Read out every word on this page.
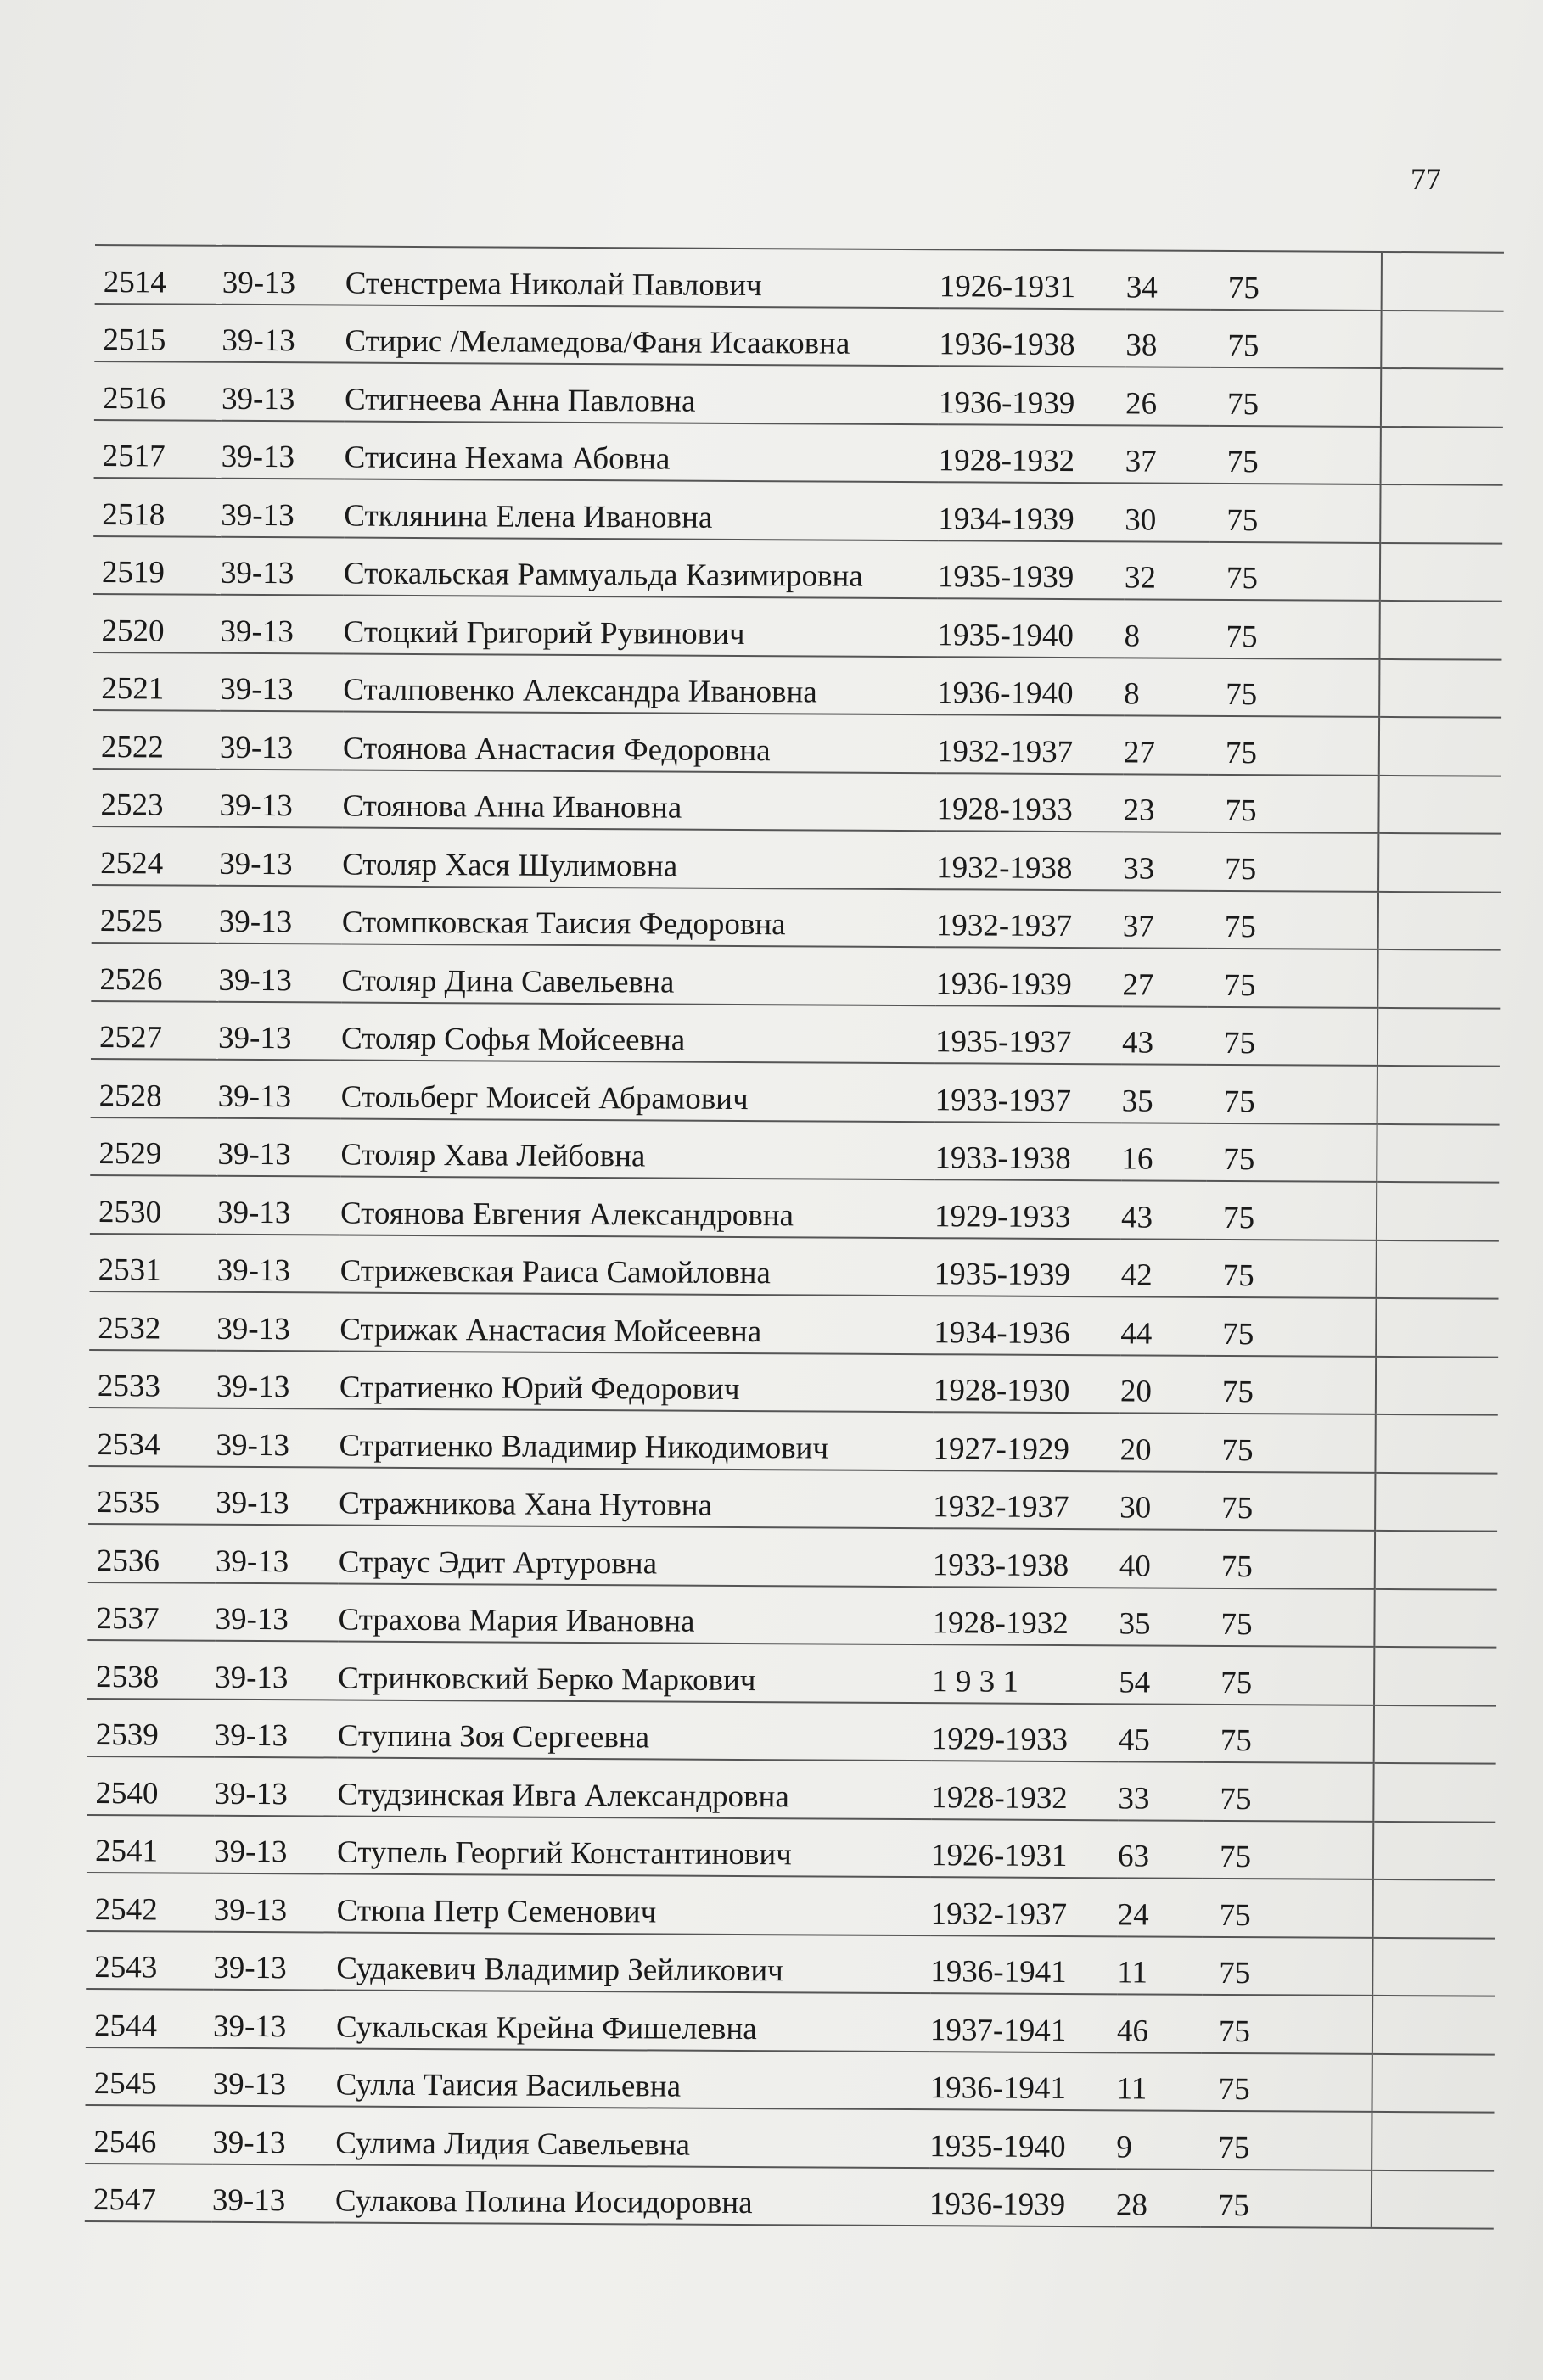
77
2514	39-13	Стенстрема Николай Павлович	1926-1931	34	75	
2515	39-13	Стирис /Меламедова/Фаня Исааковна	1936-1938	38	75	
2516	39-13	Стигнеева Анна Павловна	1936-1939	26	75	
2517	39-13	Стисина Нехама Абовна	1928-1932	37	75	
2518	39-13	Стклянина Елена Ивановна	1934-1939	30	75	
2519	39-13	Стокальская Раммуальда Казимировна	1935-1939	32	75	
2520	39-13	Стоцкий Григорий Рувинович	1935-1940	8	75	
2521	39-13	Сталповенко Александра Ивановна	1936-1940	8	75	
2522	39-13	Стоянова Анастасия Федоровна	1932-1937	27	75	
2523	39-13	Стоянова Анна Ивановна	1928-1933	23	75	
2524	39-13	Столяр Хася Шулимовна	1932-1938	33	75	
2525	39-13	Стомпковская Таисия Федоровна	1932-1937	37	75	
2526	39-13	Столяр Дина Савельевна	1936-1939	27	75	
2527	39-13	Столяр Софья Мойсеевна	1935-1937	43	75	
2528	39-13	Стольберг Моисей Абрамович	1933-1937	35	75	
2529	39-13	Столяр Хава Лейбовна	1933-1938	16	75	
2530	39-13	Стоянова Евгения Александровна	1929-1933	43	75	
2531	39-13	Стрижевская Раиса Самойловна	1935-1939	42	75	
2532	39-13	Стрижак Анастасия Мойсеевна	1934-1936	44	75	
2533	39-13	Стратиенко Юрий Федорович	1928-1930	20	75	
2534	39-13	Стратиенко Владимир Никодимович	1927-1929	20	75	
2535	39-13	Стражникова Хана Нутовна	1932-1937	30	75	
2536	39-13	Страус Эдит Артуровна	1933-1938	40	75	
2537	39-13	Страхова Мария Ивановна	1928-1932	35	75	
2538	39-13	Стринковский Берко Маркович	1 9 3 1	54	75	
2539	39-13	Ступина Зоя Сергеевна	1929-1933	45	75	
2540	39-13	Студзинская Ивга Александровна	1928-1932	33	75	
2541	39-13	Ступель Георгий Константинович	1926-1931	63	75	
2542	39-13	Стюпа Петр Семенович	1932-1937	24	75	
2543	39-13	Судакевич Владимир Зейликович	1936-1941	11	75	
2544	39-13	Сукальская Крейна Фишелевна	1937-1941	46	75	
2545	39-13	Сулла Таисия Васильевна	1936-1941	11	75	
2546	39-13	Сулима Лидия Савельевна	1935-1940	9	75	
2547	39-13	Сулакова Полина Иосидоровна	1936-1939	28	75	
